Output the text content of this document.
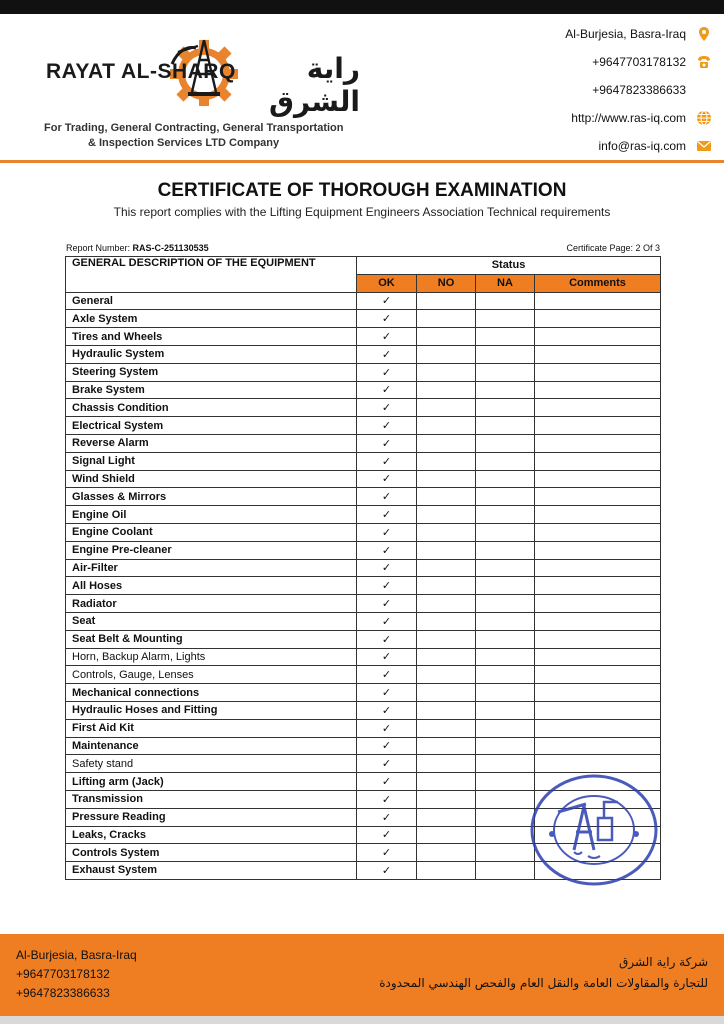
RAYAT AL-SHARQ	راية الشرق
For Trading, General Contracting, General Transportation
& Inspection Services LTD Company
Al-Burjesia, Basra-Iraq
+9647703178132
+9647823386633
http://www.ras-iq.com
info@ras-iq.com
CERTIFICATE OF THOROUGH EXAMINATION
This report complies with the Lifting Equipment Engineers Association Technical requirements
Report Number: RAS-C-251130535	Certificate Page: 2 Of 3
GENERAL DESCRIPTION OF THE EQUIPMENT	Status			
	OK	NO	NA	Comments
General	✓			
Axle System	✓			
Tires and Wheels	✓			
Hydraulic System	✓			
Steering System	✓			
Brake System	✓			
Chassis Condition	✓			
Electrical System	✓			
Reverse Alarm	✓			
Signal Light	✓			
Wind Shield	✓			
Glasses & Mirrors	✓			
Engine Oil	✓			
Engine Coolant	✓			
Engine Pre-cleaner	✓			
Air-Filter	✓			
All Hoses	✓			
Radiator	✓			
Seat	✓			
Seat Belt & Mounting	✓			
Horn, Backup Alarm, Lights	✓			
Controls, Gauge, Lenses	✓			
Mechanical connections	✓			
Hydraulic Hoses and Fitting	✓			
First Aid Kit	✓			
Maintenance	✓			
Safety stand	✓			
Lifting arm (Jack)	✓			
Transmission	✓			
Pressure Reading	✓			
Leaks, Cracks	✓			
Controls System	✓			
Exhaust System	✓			
Al-Burjesia, Basra-Iraq
+9647703178132
+9647823386633
شركة راية الشرق
للتجارة والمقاولات العامة والنقل العام والفحص الهندسي المحدودة
